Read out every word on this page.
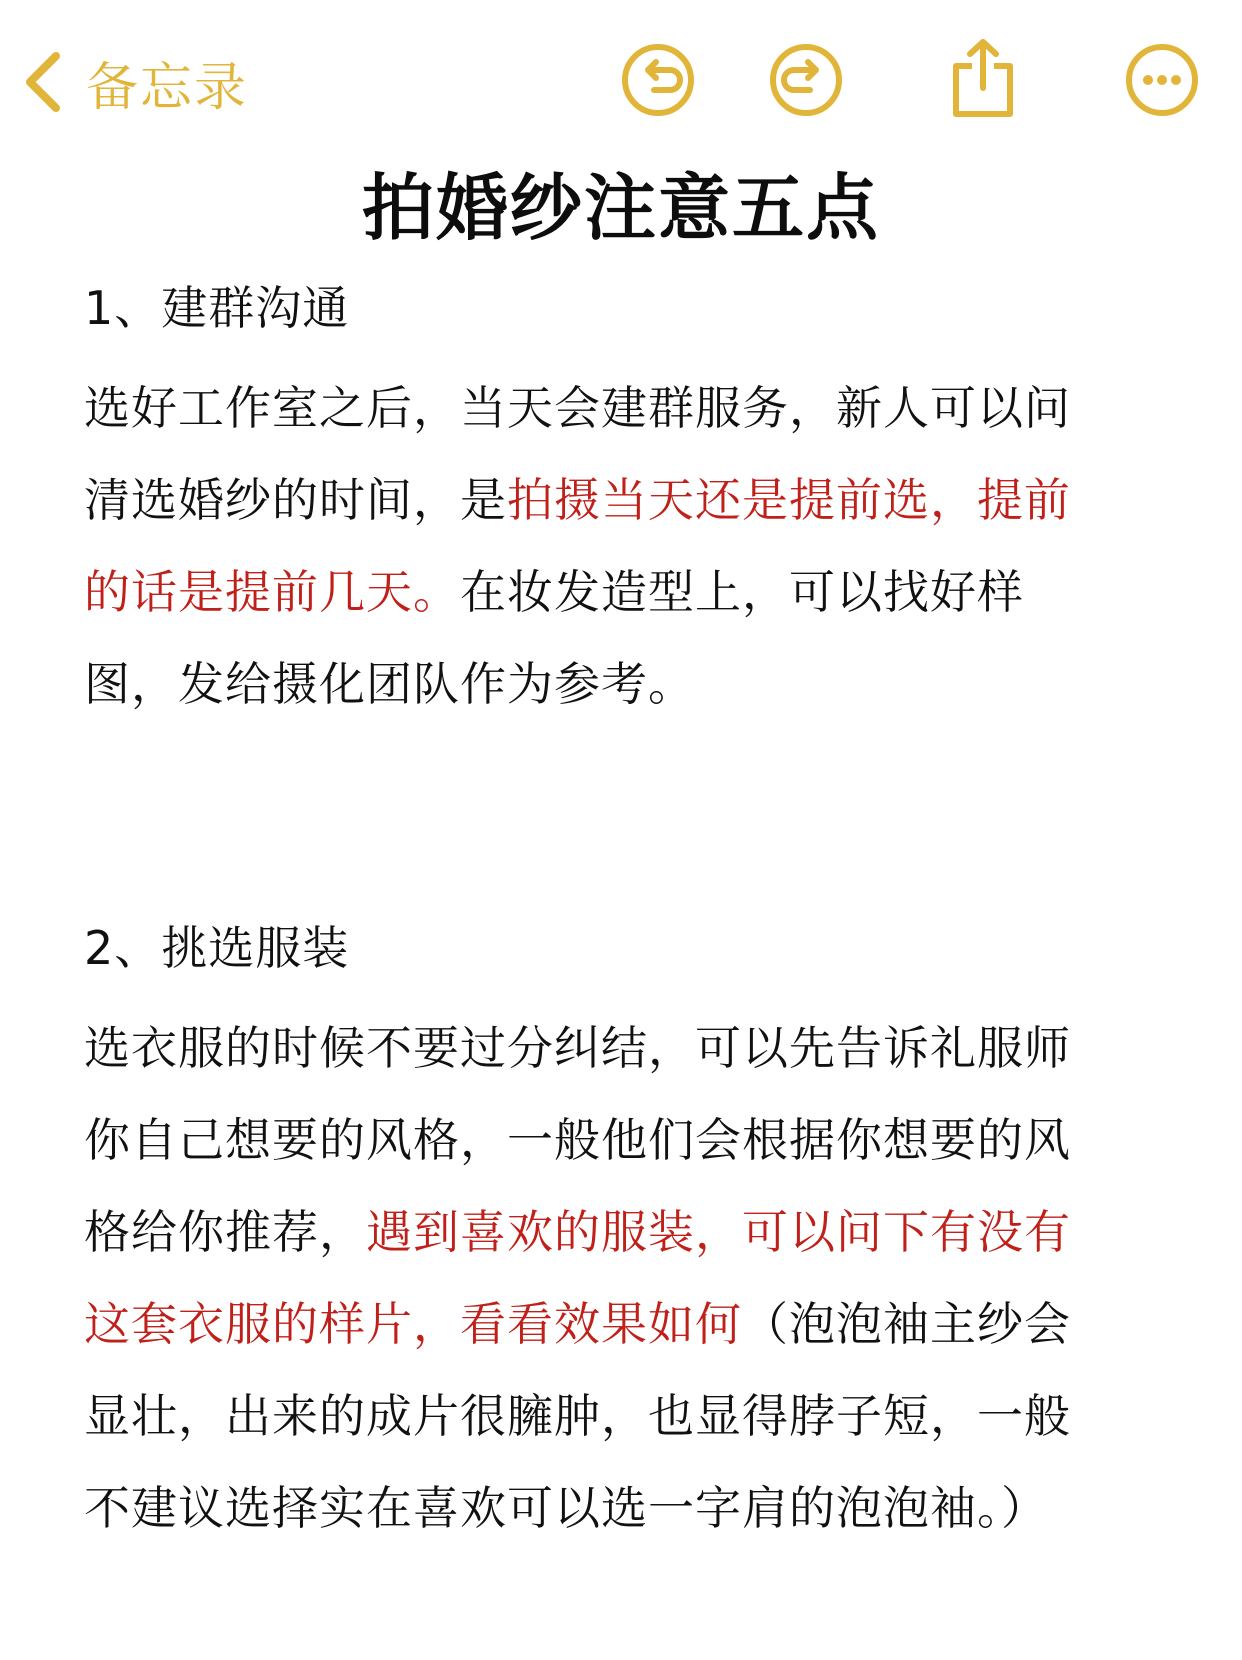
备忘录
拍婚纱注意五点

1、建群沟通

选好工作室之后，当天会建群服务，新人可以问
清选婚纱的时间，是拍摄当天还是提前选，提前
的话是提前几天。在妆发造型上，可以找好样
图，发给摄化团队作为参考。

2、挑选服装

选衣服的时候不要过分纠结，可以先告诉礼服师
你自己想要的风格，一般他们会根据你想要的风
格给你推荐，遇到喜欢的服装，可以问下有没有
这套衣服的样片，看看效果如何（泡泡袖主纱会
显壮，出来的成片很臃肿，也显得脖子短，一般
不建议选择实在喜欢可以选一字肩的泡泡袖。）
